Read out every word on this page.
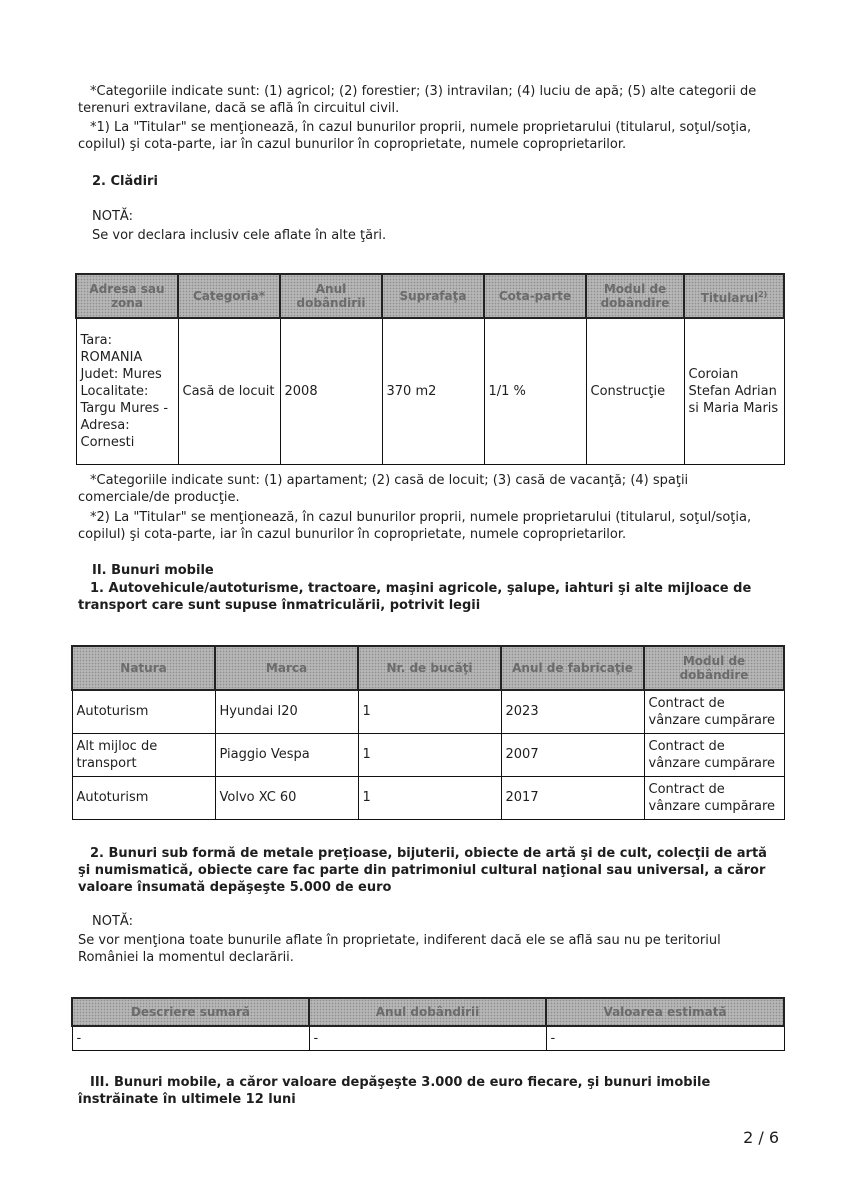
*Categoriile indicate sunt: (1) agricol; (2) forestier; (3) intravilan; (4) luciu de apă; (5) alte categorii de terenuri extravilane, dacă se află în circuitul civil.

*1) La "Titular" se menţionează, în cazul bunurilor proprii, numele proprietarului (titularul, soţul/soţia, copilul) şi cota-parte, iar în cazul bunurilor în coproprietate, numele coproprietarilor.

2. Clădiri
NOTĂ:
Se vor declara inclusiv cele aflate în alte ţări.
Adresa sau zona	Categoria*	Anul dobândirii	Suprafaţa	Cota-parte	Modul de dobândire	Titularul$^{2)}$
Tara: ROMANIA Judet: Mures Localitate: Targu Mures - Adresa: Cornesti	Casă de locuit	2008	370 m2	1/1 %	Construcţie	Coroian Stefan Adrian si Maria Maris

*Categoriile indicate sunt: (1) apartament; (2) casă de locuit; (3) casă de vacanţă; (4) spaţii comerciale/de producţie.

*2) La "Titular" se menţionează, în cazul bunurilor proprii, numele proprietarului (titularul, soţul/soţia, copilul) şi cota-parte, iar în cazul bunurilor în coproprietate, numele coproprietarilor.

II. Bunuri mobile

1. Autovehicule/autoturisme, tractoare, maşini agricole, şalupe, iahturi şi alte mijloace de transport care sunt supuse înmatriculării, potrivit legii

Natura	Marca	Nr. de bucăţi	Anul de fabricaţie	Modul de dobândire
Autoturism	Hyundai I20	1	2023	Contract de vânzare cumpărare
Alt mijloc de transport	Piaggio Vespa	1	2007	Contract de vânzare cumpărare
Autoturism	Volvo XC 60	1	2017	Contract de vânzare cumpărare

2. Bunuri sub formă de metale preţioase, bijuterii, obiecte de artă şi de cult, colecţii de artă şi numismatică, obiecte care fac parte din patrimoniul cultural naţional sau universal, a căror valoare însumată depăşeşte 5.000 de euro

NOTĂ:

Se vor menţiona toate bunurile aflate în proprietate, indiferent dacă ele se află sau nu pe teritoriul României la momentul declarării.

Descriere sumară	Anul dobândirii	Valoarea estimată
-	-	-

III. Bunuri mobile, a căror valoare depăşeşte 3.000 de euro fiecare, şi bunuri imobile înstrăinate în ultimele 12 luni

2 / 6
